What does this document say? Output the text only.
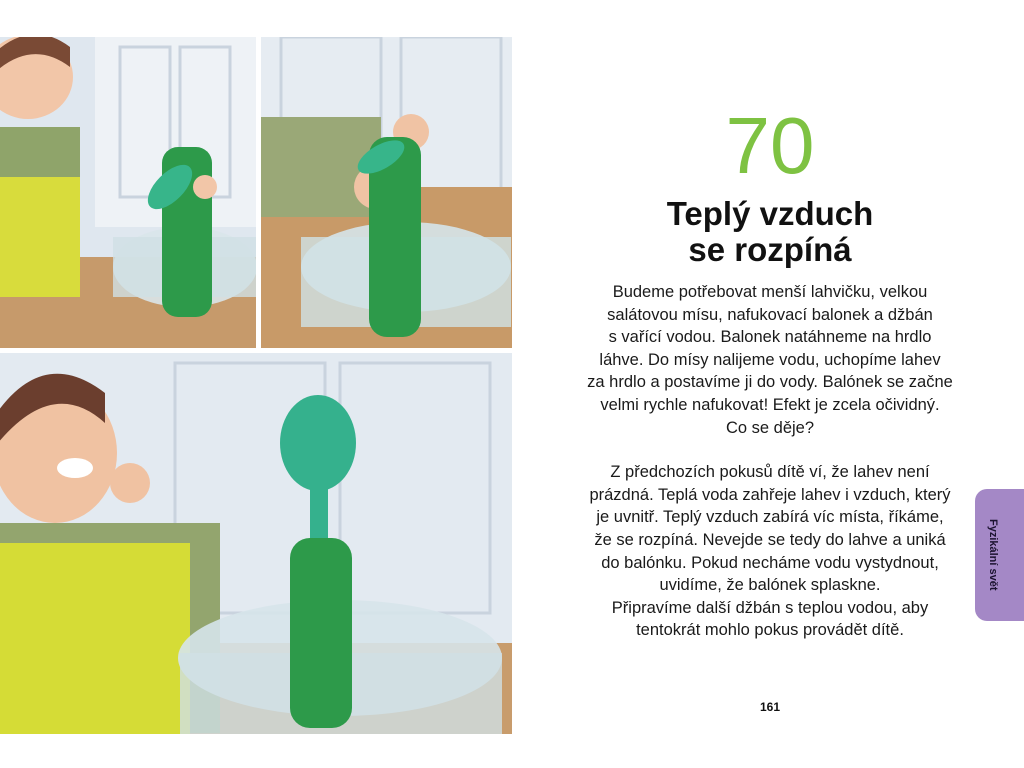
70
Teplý vzduch
se rozpíná

Budeme potřebovat menší lahvičku, velkou

salátovou mísu, nafukovací balonek a džbán

s vařící vodou. Balonek natáhneme na hrdlo

láhve. Do mísy nalijeme vodu, uchopíme lahev

za hrdlo a postavíme ji do vody. Balónek se začne

velmi rychle nafukovat! Efekt je zcela očividný.

Co se děje?

Z předchozích pokusů dítě ví, že lahev není

prázdná. Teplá voda zahřeje lahev i vzduch, který

je uvnitř. Teplý vzduch zabírá víc místa, říkáme,

že se rozpíná. Nevejde se tedy do lahve a uniká

do balónku. Pokud necháme vodu vystydnout,

uvidíme, že balónek splaskne.

Připravíme další džbán s teplou vodou, aby

tentokrát mohlo pokus provádět dítě.

161
Fyzikální svět
